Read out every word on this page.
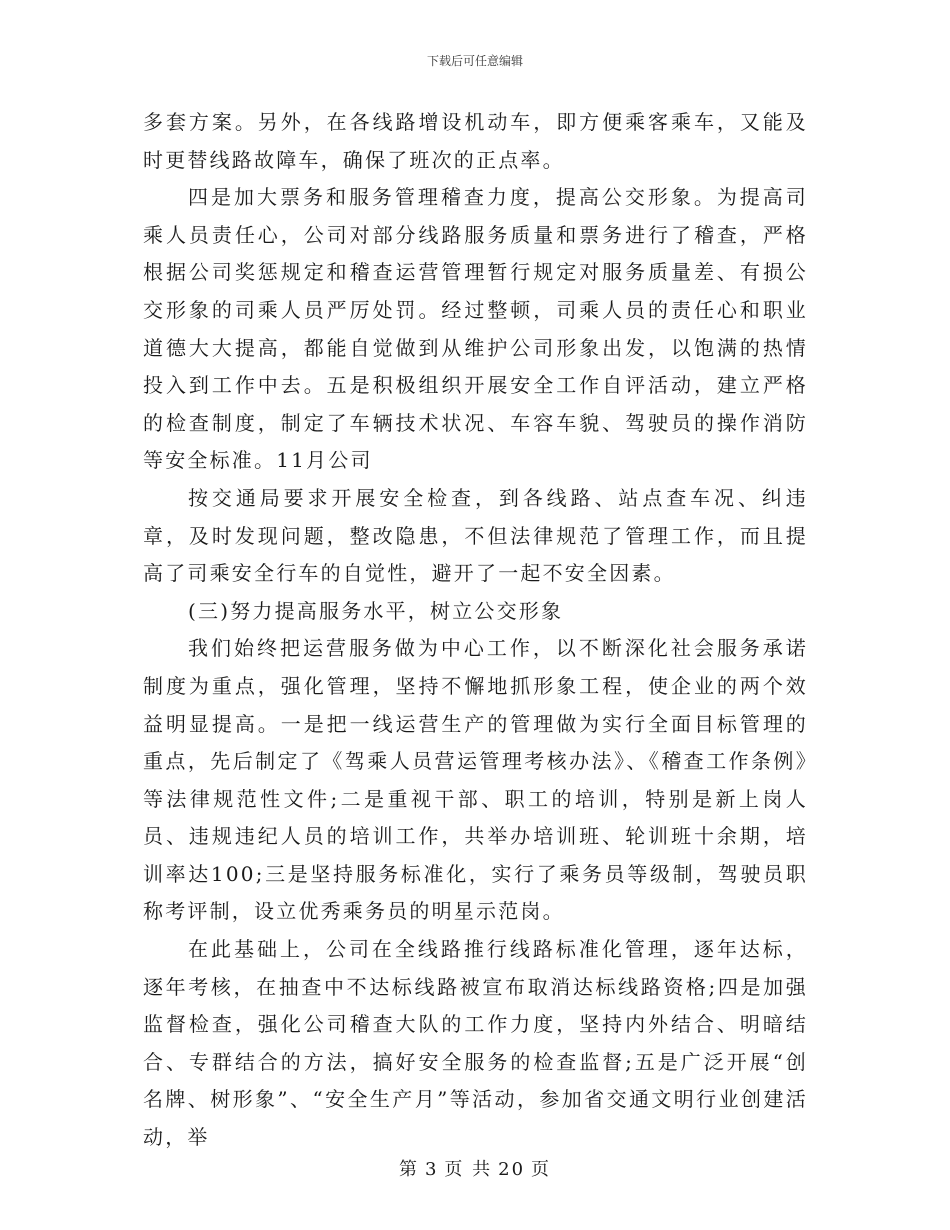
下载后可任意编辑

多套方案。另外，在各线路增设机动车，即方便乘客乘车，又能及时更替线路故障车，确保了班次的正点率。

四是加大票务和服务管理稽查力度，提高公交形象。为提高司乘人员责任心，公司对部分线路服务质量和票务进行了稽查，严格根据公司奖惩规定和稽查运营管理暂行规定对服务质量差、有损公交形象的司乘人员严厉处罚。经过整顿，司乘人员的责任心和职业道德大大提高，都能自觉做到从维护公司形象出发，以饱满的热情投入到工作中去。五是积极组织开展安全工作自评活动，建立严格的检查制度，制定了车辆技术状况、车容车貌、驾驶员的操作消防等安全标准。11月公司

按交通局要求开展安全检查，到各线路、站点查车况、纠违章，及时发现问题，整改隐患，不但法律规范了管理工作，而且提高了司乘安全行车的自觉性，避开了一起不安全因素。

(三)努力提高服务水平，树立公交形象

我们始终把运营服务做为中心工作，以不断深化社会服务承诺制度为重点，强化管理，坚持不懈地抓形象工程，使企业的两个效益明显提高。一是把一线运营生产的管理做为实行全面目标管理的重点，先后制定了《驾乘人员营运管理考核办法》、《稽查工作条例》等法律规范性文件;二是重视干部、职工的培训，特别是新上岗人员、违规违纪人员的培训工作，共举办培训班、轮训班十余期，培训率达100;三是坚持服务标准化，实行了乘务员等级制，驾驶员职称考评制，设立优秀乘务员的明星示范岗。

在此基础上，公司在全线路推行线路标准化管理，逐年达标，逐年考核，在抽查中不达标线路被宣布取消达标线路资格;四是加强监督检查，强化公司稽查大队的工作力度，坚持内外结合、明暗结合、专群结合的方法，搞好安全服务的检查监督;五是广泛开展“创名牌、树形象”、“安全生产月”等活动，参加省交通文明行业创建活动，举

第 3 页 共 20 页
